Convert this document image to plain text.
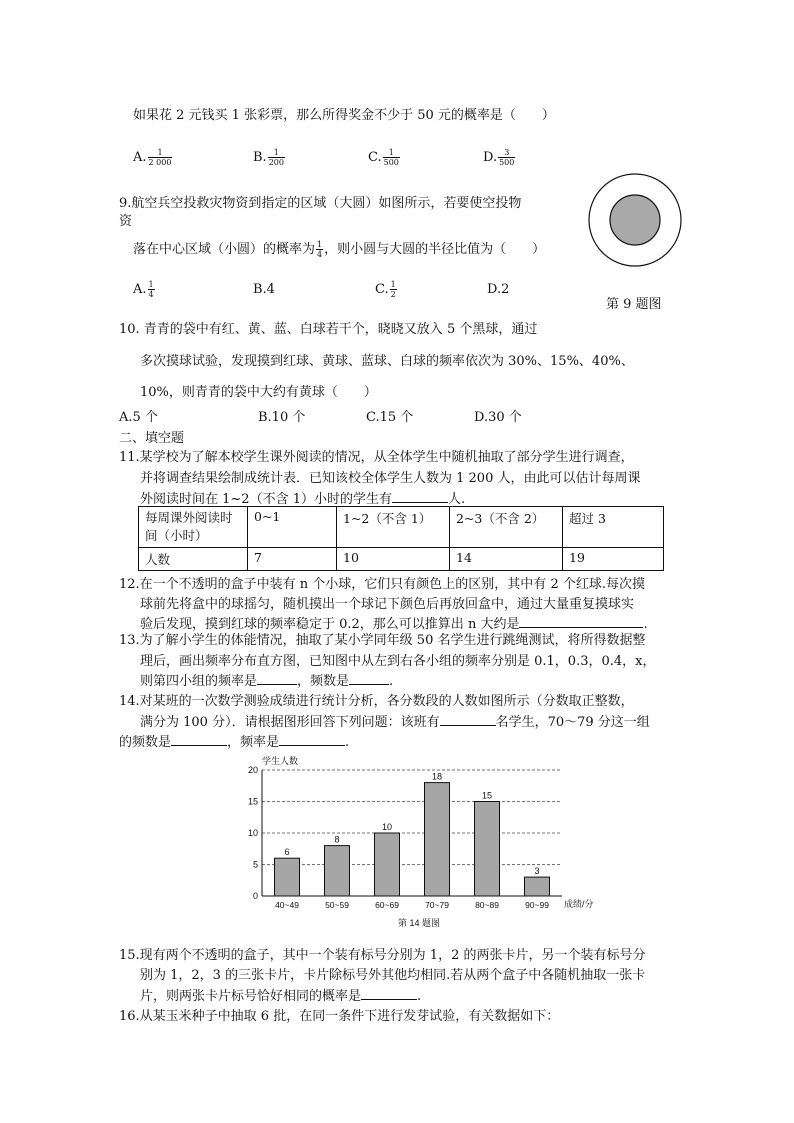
如果花 2 元钱买 1 张彩票，那么所得奖金不少于 50 元的概率是（　　）
A. $\frac{1}{2 000}$	B. $\frac{1}{200}$	C. $\frac{1}{500}$	D. $\frac{3}{500}$
9.航空兵空投救灾物资到指定的区域（大圆）如图所示，若要使空投物
资
落在中心区域（小圆）的概率为 $\frac{1}{4}$ ，则小圆与大圆的半径比值为（　　）
A. $\frac{1}{4}$	B.4	C. $\frac{1}{2}$	D.2
第 9 题图
10. 青青的袋中有红、黄、蓝、白球若干个，晓晓又放入 5 个黑球，通过
多次摸球试验，发现摸到红球、黄球、蓝球、白球的频率依次为 30%、15%、40%、
10%，则青青的袋中大约有黄球（　　）
A.5 个	B.10 个	C.15 个	D.30 个
二、填空题
11.某学校为了解本校学生课外阅读的情况，从全体学生中随机抽取了部分学生进行调查，
并将调查结果绘制成统计表．已知该校全体学生人数为 1 200 人，由此可以估计每周课
外阅读时间在 1~2（不含 1）小时的学生有	人.
每周课外阅读时间（小时）	0~1	1~2（不含 1）	2~3（不含 2）	超过 3
人数	7	10	14	19
12.在一个不透明的盒子中装有 n 个小球，它们只有颜色上的区别，其中有 2 个红球.每次摸
球前先将盒中的球摇匀，随机摸出一个球记下颜色后再放回盒中，通过大量重复摸球实
验后发现，摸到红球的频率稳定于 0.2，那么可以推算出 n 大约是	.
13.为了解小学生的体能情况，抽取了某小学同年级 50 名学生进行跳绳测试，将所得数据整
理后，画出频率分布直方图，已知图中从左到右各小组的频率分别是 0.1，0.3，0.4，x，
则第四小组的频率是	，频数是	.
14.对某班的一次数学测验成绩进行统计分析，各分数段的人数如图所示（分数取正整数，
满分为 100 分）．请根据图形回答下列问题：该班有	名学生，70～79 分这一组
的频数是	，频率是	.
学生人数
0
5
10
15
20
6
40~49
8
50~59
10
60~69
18
70~79
15
80~89
3
90~99 成绩/分
第 14 题图
15.现有两个不透明的盒子，其中一个装有标号分别为 1，2 的两张卡片，另一个装有标号分
别为 1，2，3 的三张卡片，卡片除标号外其他均相同.若从两个盒子中各随机抽取一张卡
片，则两张卡片标号恰好相同的概率是	.
16.从某玉米种子中抽取 6 批，在同一条件下进行发芽试验，有关数据如下：
